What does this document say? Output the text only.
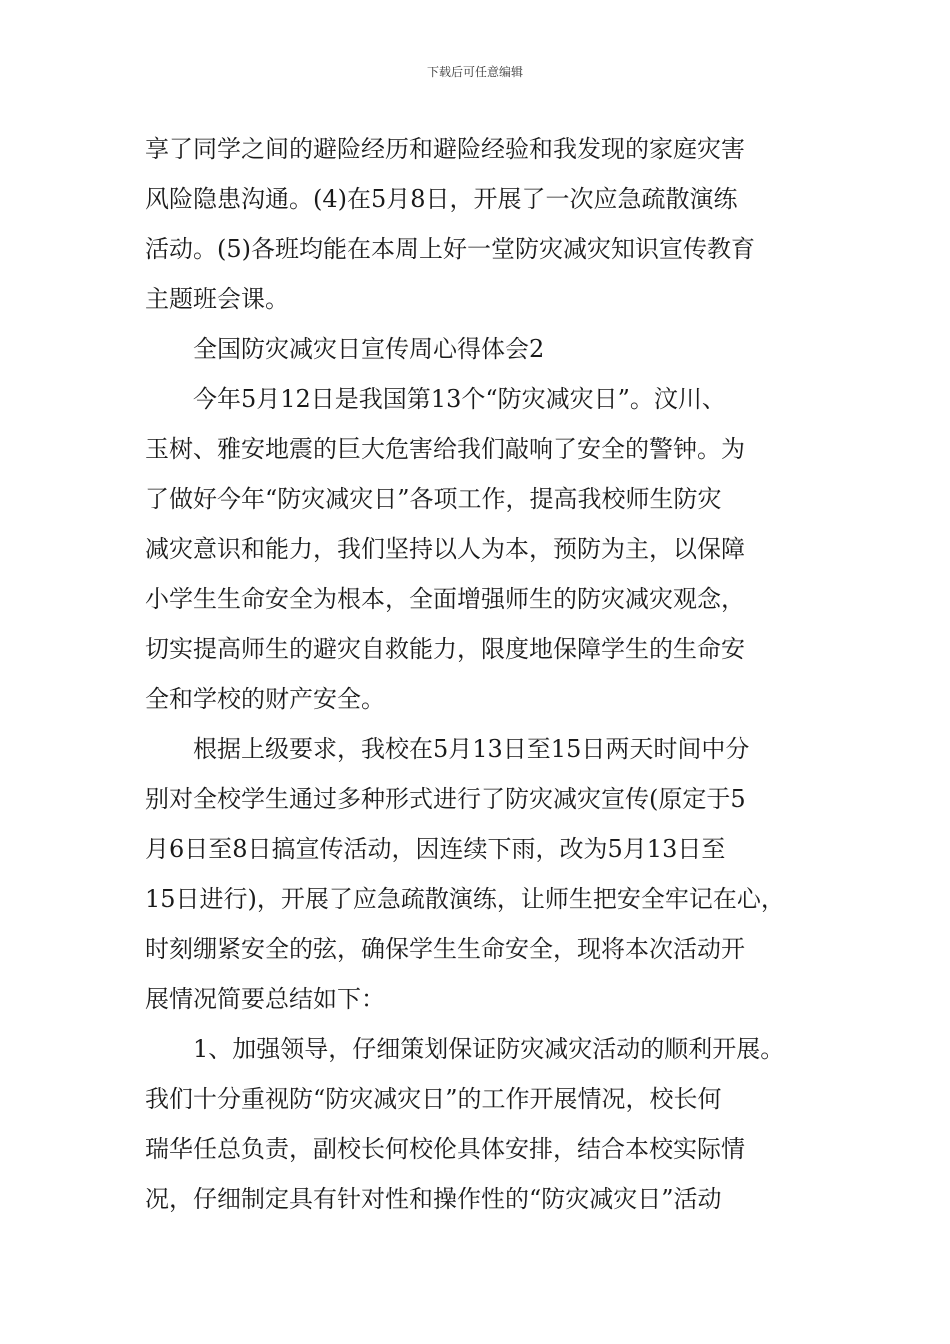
下载后可任意编辑

享了同学之间的避险经历和避险经验和我发现的家庭灾害

风险隐患沟通。(4)在5月8日，开展了一次应急疏散演练

活动。(5)各班均能在本周上好一堂防灾减灾知识宣传教育

主题班会课。

全国防灾减灾日宣传周心得体会2

今年5月12日是我国第13个“防灾减灾日”。汶川、

玉树、雅安地震的巨大危害给我们敲响了安全的警钟。为

了做好今年“防灾减灾日”各项工作，提高我校师生防灾

减灾意识和能力，我们坚持以人为本，预防为主，以保障

小学生生命安全为根本，全面增强师生的防灾减灾观念，

切实提高师生的避灾自救能力，限度地保障学生的生命安

全和学校的财产安全。

根据上级要求，我校在5月13日至15日两天时间中分

别对全校学生通过多种形式进行了防灾减灾宣传(原定于5

月6日至8日搞宣传活动，因连续下雨，改为5月13日至

15日进行)，开展了应急疏散演练，让师生把安全牢记在心，

时刻绷紧安全的弦，确保学生生命安全，现将本次活动开

展情况简要总结如下：

1、加强领导，仔细策划保证防灾减灾活动的顺利开展。

我们十分重视防“防灾减灾日”的工作开展情况，校长何

瑞华任总负责，副校长何校伦具体安排，结合本校实际情

况，仔细制定具有针对性和操作性的“防灾减灾日”活动
